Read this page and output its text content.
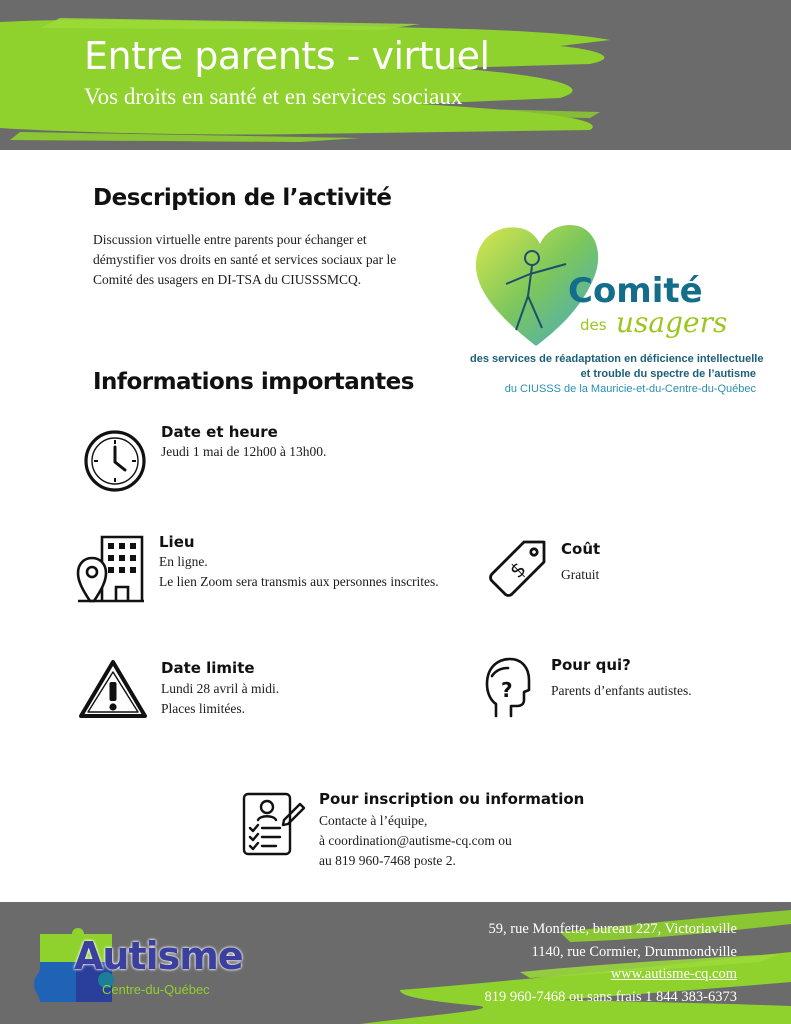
Entre parents - virtuel
Vos droits en santé et en services sociaux
Description de l’activité
Discussion virtuelle entre parents pour échanger et
démystifier vos droits en santé et services sociaux par le
Comité des usagers en DI-TSA du CIUSSSMCQ.	Comité
des usagers
des services de réadaptation en déficience intellectuelle
et trouble du spectre de l’autisme
du CIUSSS de la Mauricie-et-du-Centre-du-Québec
Informations importantes
Date et heure
Jeudi 1 mai de 12h00 à 13h00.
Lieu
En ligne.
Le lien Zoom sera transmis aux personnes inscrites.	$
Coût
Gratuit
Date limite
Lundi 28 avril à midi.
Places limitées.
?
Pour qui?
Parents d’enfants autistes.
Pour inscription ou information
Contacte à l’équipe,
à coordination@autisme-cq.com ou
au 819 960-7468 poste 2.
Autisme
Centre-du-Québec
59, rue Monfette, bureau 227, Victoriaville
1140, rue Cormier, Drummondville
www.autisme-cq.com
819 960-7468 ou sans frais 1 844 383-6373
